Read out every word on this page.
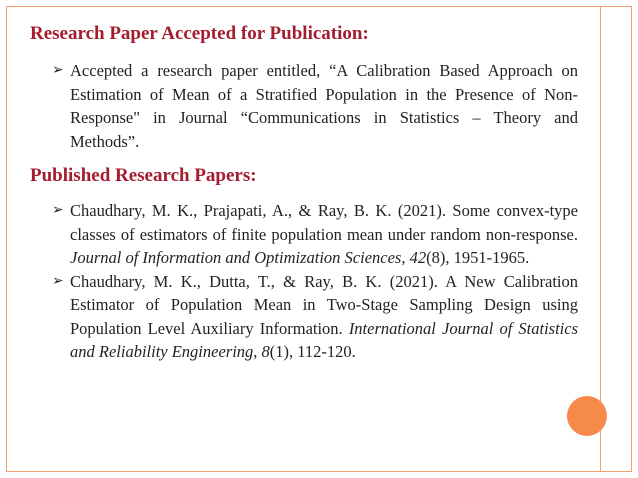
Research Paper Accepted for Publication:
➢ Accepted a research paper entitled, “A Calibration Based Approach on Estimation of Mean of a Stratified Population in the Presence of Non-Response" in Journal “Communications in Statistics – Theory and Methods”.
Published Research Papers:
➢ Chaudhary, M. K., Prajapati, A., & Ray, B. K. (2021). Some convex-type classes of estimators of finite population mean under random non-response. Journal of Information and Optimization Sciences, 42(8), 1951-1965.
➢ Chaudhary, M. K., Dutta, T., & Ray, B. K. (2021). A New Calibration Estimator of Population Mean in Two-Stage Sampling Design using Population Level Auxiliary Information. International Journal of Statistics and Reliability Engineering, 8(1), 112-120.
